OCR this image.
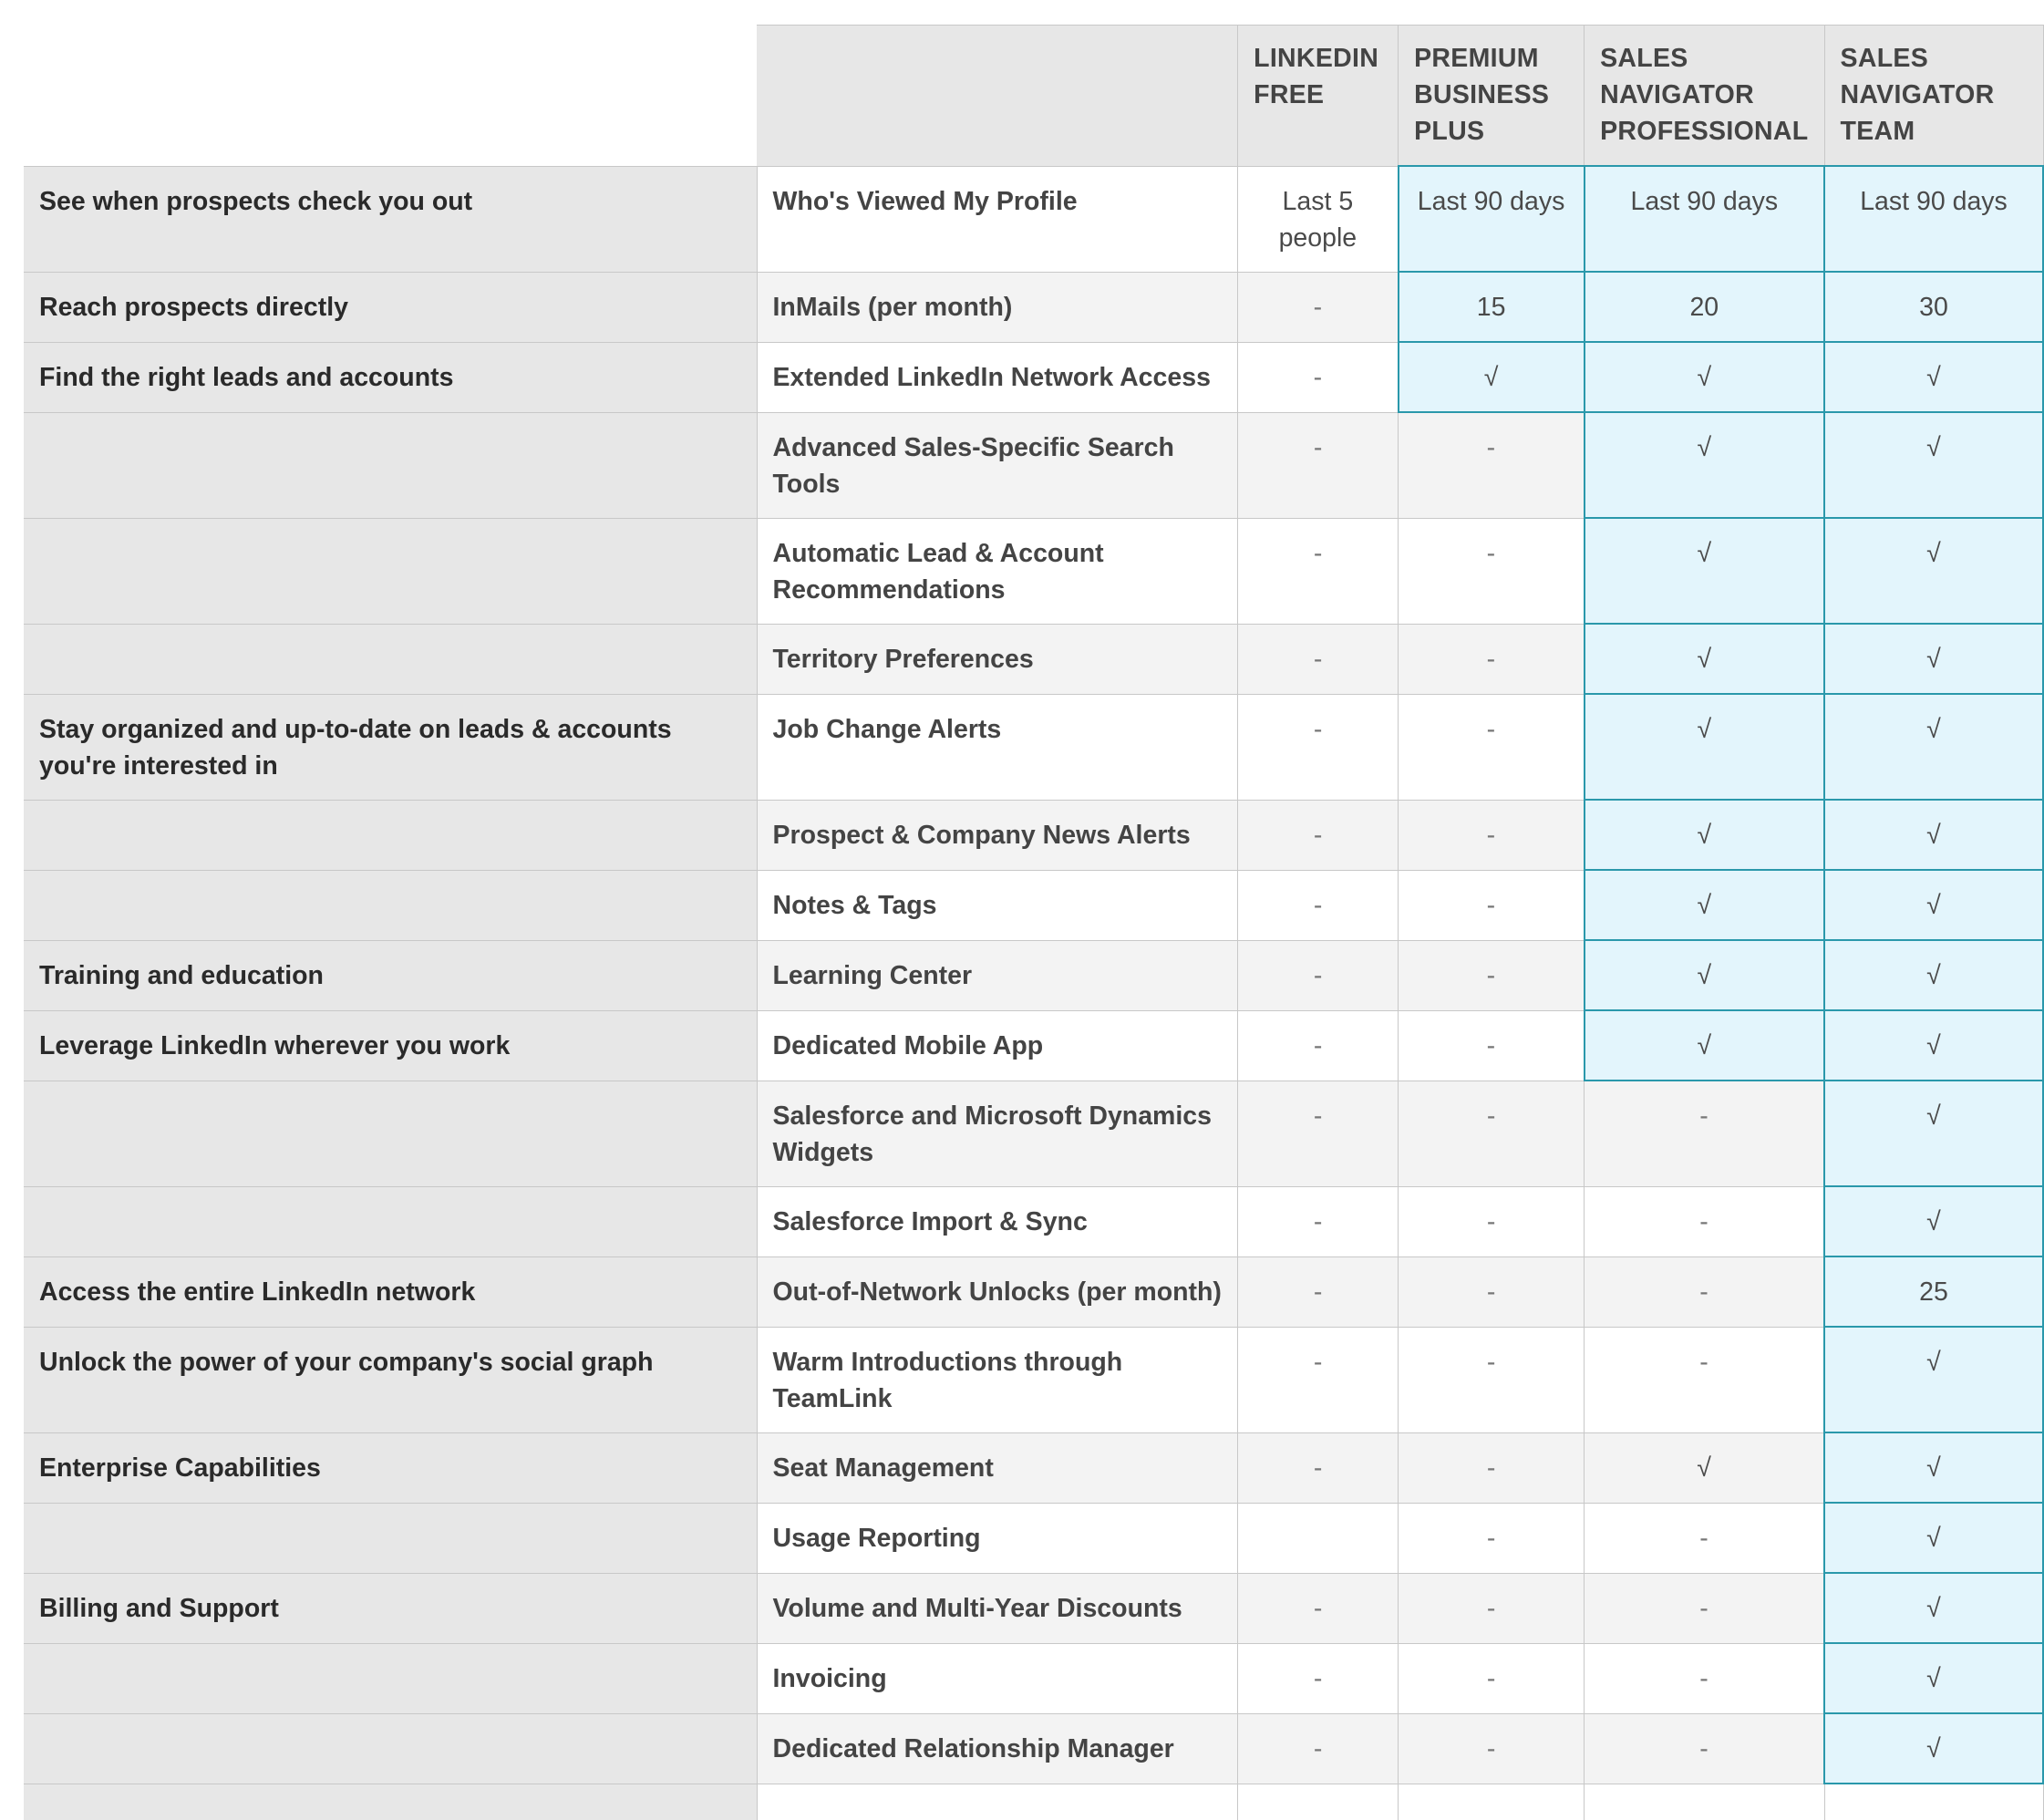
		LINKEDIN FREE	PREMIUM BUSINESS PLUS	SALES NAVIGATOR PROFESSIONAL	SALES NAVIGATOR TEAM
See when prospects check you out	Who's Viewed My Profile	Last 5 people	Last 90 days	Last 90 days	Last 90 days
Reach prospects directly	InMails (per month)	-	15	20	30
Find the right leads and accounts	Extended LinkedIn Network Access	-	√	√	√
	Advanced Sales-Specific Search Tools	-	-	√	√
	Automatic Lead & Account Recommendations	-	-	√	√
	Territory Preferences	-	-	√	√
Stay organized and up-to-date on leads & accounts you're interested in	Job Change Alerts	-	-	√	√
	Prospect & Company News Alerts	-	-	√	√
	Notes & Tags	-	-	√	√
Training and education	Learning Center	-	-	√	√
Leverage LinkedIn wherever you work	Dedicated Mobile App	-	-	√	√
	Salesforce and Microsoft Dynamics Widgets	-	-	-	√
	Salesforce Import & Sync	-	-	-	√
Access the entire LinkedIn network	Out-of-Network Unlocks (per month)	-	-	-	25
Unlock the power of your company's social graph	Warm Introductions through TeamLink	-	-	-	√
Enterprise Capabilities	Seat Management	-	-	√	√
	Usage Reporting		-	-	√
Billing and Support	Volume and Multi-Year Discounts	-	-	-	√
	Invoicing	-	-	-	√
	Dedicated Relationship Manager	-	-	-	√
